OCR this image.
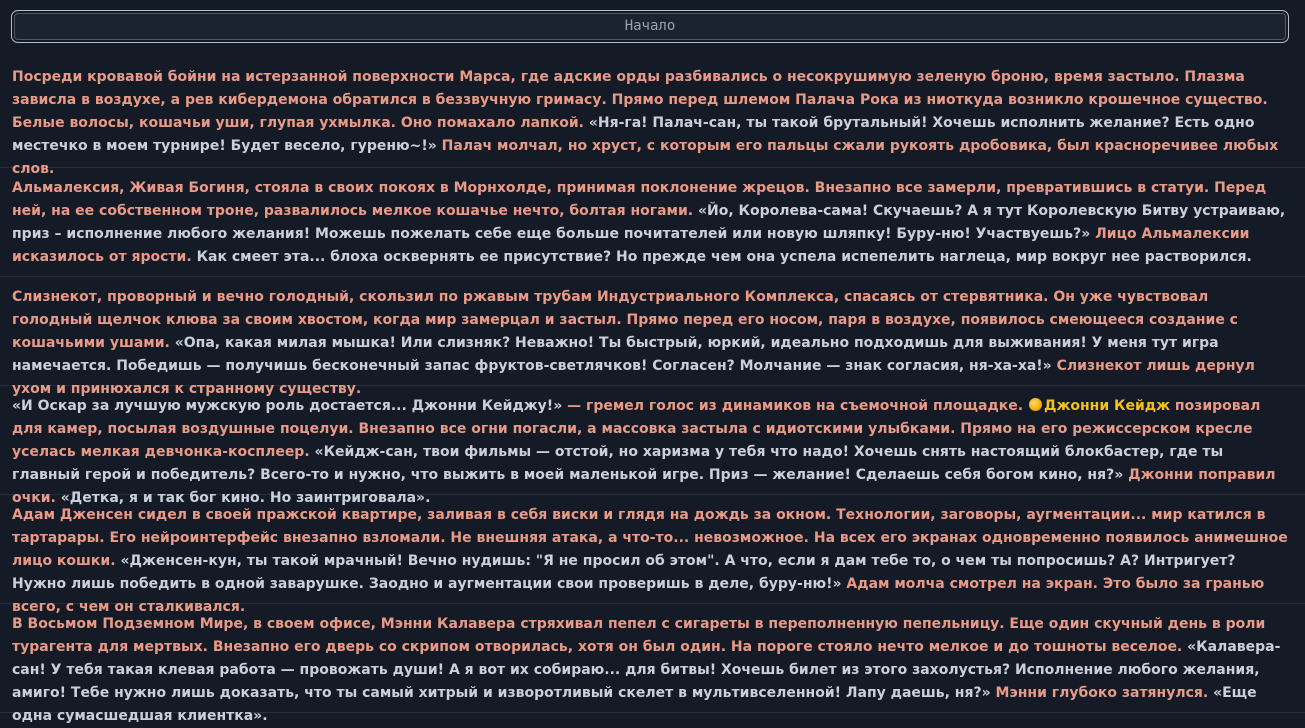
Начало
Посреди кровавой бойни на истерзанной поверхности Марса, где адские орды разбивались о несокрушимую зеленую броню, время застыло. Плазма зависла в воздухе, а рев кибердемона обратился в беззвучную гримасу. Прямо перед шлемом Палача Рока из ниоткуда возникло крошечное существо. Белые волосы, кошачьи уши, глупая ухмылка. Оно помахало лапкой. «Ня-га! Палач-сан, ты такой брутальный! Хочешь исполнить желание? Есть одно местечко в моем турнире! Будет весело, гуреню~!» Палач молчал, но хруст, с которым его пальцы сжали рукоять дробовика, был красноречивее любых слов.
Альмалексия, Живая Богиня, стояла в своих покоях в Морнхолде, принимая поклонение жрецов. Внезапно все замерли, превратившись в статуи. Перед ней, на ее собственном троне, развалилось мелкое кошачье нечто, болтая ногами. «Йо, Королева-сама! Скучаешь? А я тут Королевскую Битву устраиваю, приз – исполнение любого желания! Можешь пожелать себе еще больше почитателей или новую шляпку! Буру-ню! Участвуешь?» Лицо Альмалексии исказилось от ярости. Как смеет эта... блоха осквернять ее присутствие? Но прежде чем она успела испепелить наглеца, мир вокруг нее растворился.
Слизнекот, проворный и вечно голодный, скользил по ржавым трубам Индустриального Комплекса, спасаясь от стервятника. Он уже чувствовал голодный щелчок клюва за своим хвостом, когда мир замерцал и застыл. Прямо перед его носом, паря в воздухе, появилось смеющееся создание с кошачьими ушами. «Опа, какая милая мышка! Или слизняк? Неважно! Ты быстрый, юркий, идеально подходишь для выживания! У меня тут игра намечается. Победишь — получишь бесконечный запас фруктов-светлячков! Согласен? Молчание — знак согласия, ня-ха-ха!» Слизнекот лишь дернул ухом и принюхался к странному существу.
«И Оскар за лучшую мужскую роль достается... Джонни Кейджу!» — гремел голос из динамиков на съемочной площадке. Джонни Кейдж позировал для камер, посылая воздушные поцелуи. Внезапно все огни погасли, а массовка застыла с идиотскими улыбками. Прямо на его режиссерском кресле уселась мелкая девчонка-косплеер. «Кейдж-сан, твои фильмы — отстой, но харизма у тебя что надо! Хочешь снять настоящий блокбастер, где ты главный герой и победитель? Всего-то и нужно, что выжить в моей маленькой игре. Приз — желание! Сделаешь себя богом кино, ня?» Джонни поправил очки. «Детка, я и так бог кино. Но заинтриговала».
Адам Дженсен сидел в своей пражской квартире, заливая в себя виски и глядя на дождь за окном. Технологии, заговоры, аугментации... мир катился в тартарары. Его нейроинтерфейс внезапно взломали. Не внешняя атака, а что-то... невозможное. На всех его экранах одновременно появилось анимешное лицо кошки. «Дженсен-кун, ты такой мрачный! Вечно нудишь: "Я не просил об этом". А что, если я дам тебе то, о чем ты попросишь? А? Интригует? Нужно лишь победить в одной заварушке. Заодно и аугментации свои проверишь в деле, буру-ню!» Адам молча смотрел на экран. Это было за гранью всего, с чем он сталкивался.
В Восьмом Подземном Мире, в своем офисе, Мэнни Калавера стряхивал пепел с сигареты в переполненную пепельницу. Еще один скучный день в роли турагента для мертвых. Внезапно его дверь со скрипом отворилась, хотя он был один. На пороге стояло нечто мелкое и до тошноты веселое. «Калавера-сан! У тебя такая клевая работа — провожать души! А я вот их собираю... для битвы! Хочешь билет из этого захолустья? Исполнение любого желания, амиго! Тебе нужно лишь доказать, что ты самый хитрый и изворотливый скелет в мультивселенной! Лапу даешь, ня?» Мэнни глубоко затянулся. «Еще одна сумасшедшая клиентка».
